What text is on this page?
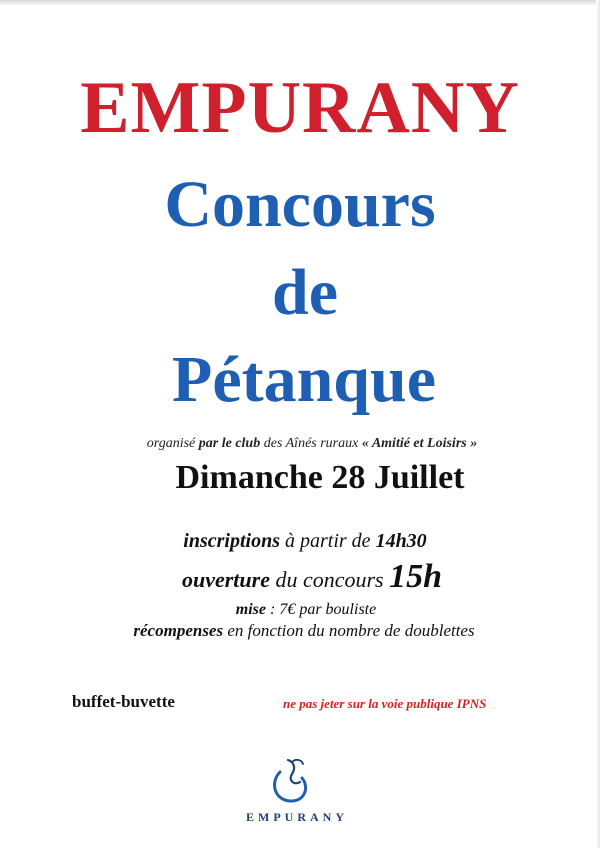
EMPURANY
Concours
de
Pétanque
organisé par le club des Aînés ruraux « Amitié et Loisirs »
Dimanche 28 Juillet
inscriptions à partir de 14h30
ouverture du concours 15h
mise : 7€ par bouliste
récompenses en fonction du nombre de doublettes
buffet-buvette	ne pas jeter sur la voie publique IPNS
EMPURANY
